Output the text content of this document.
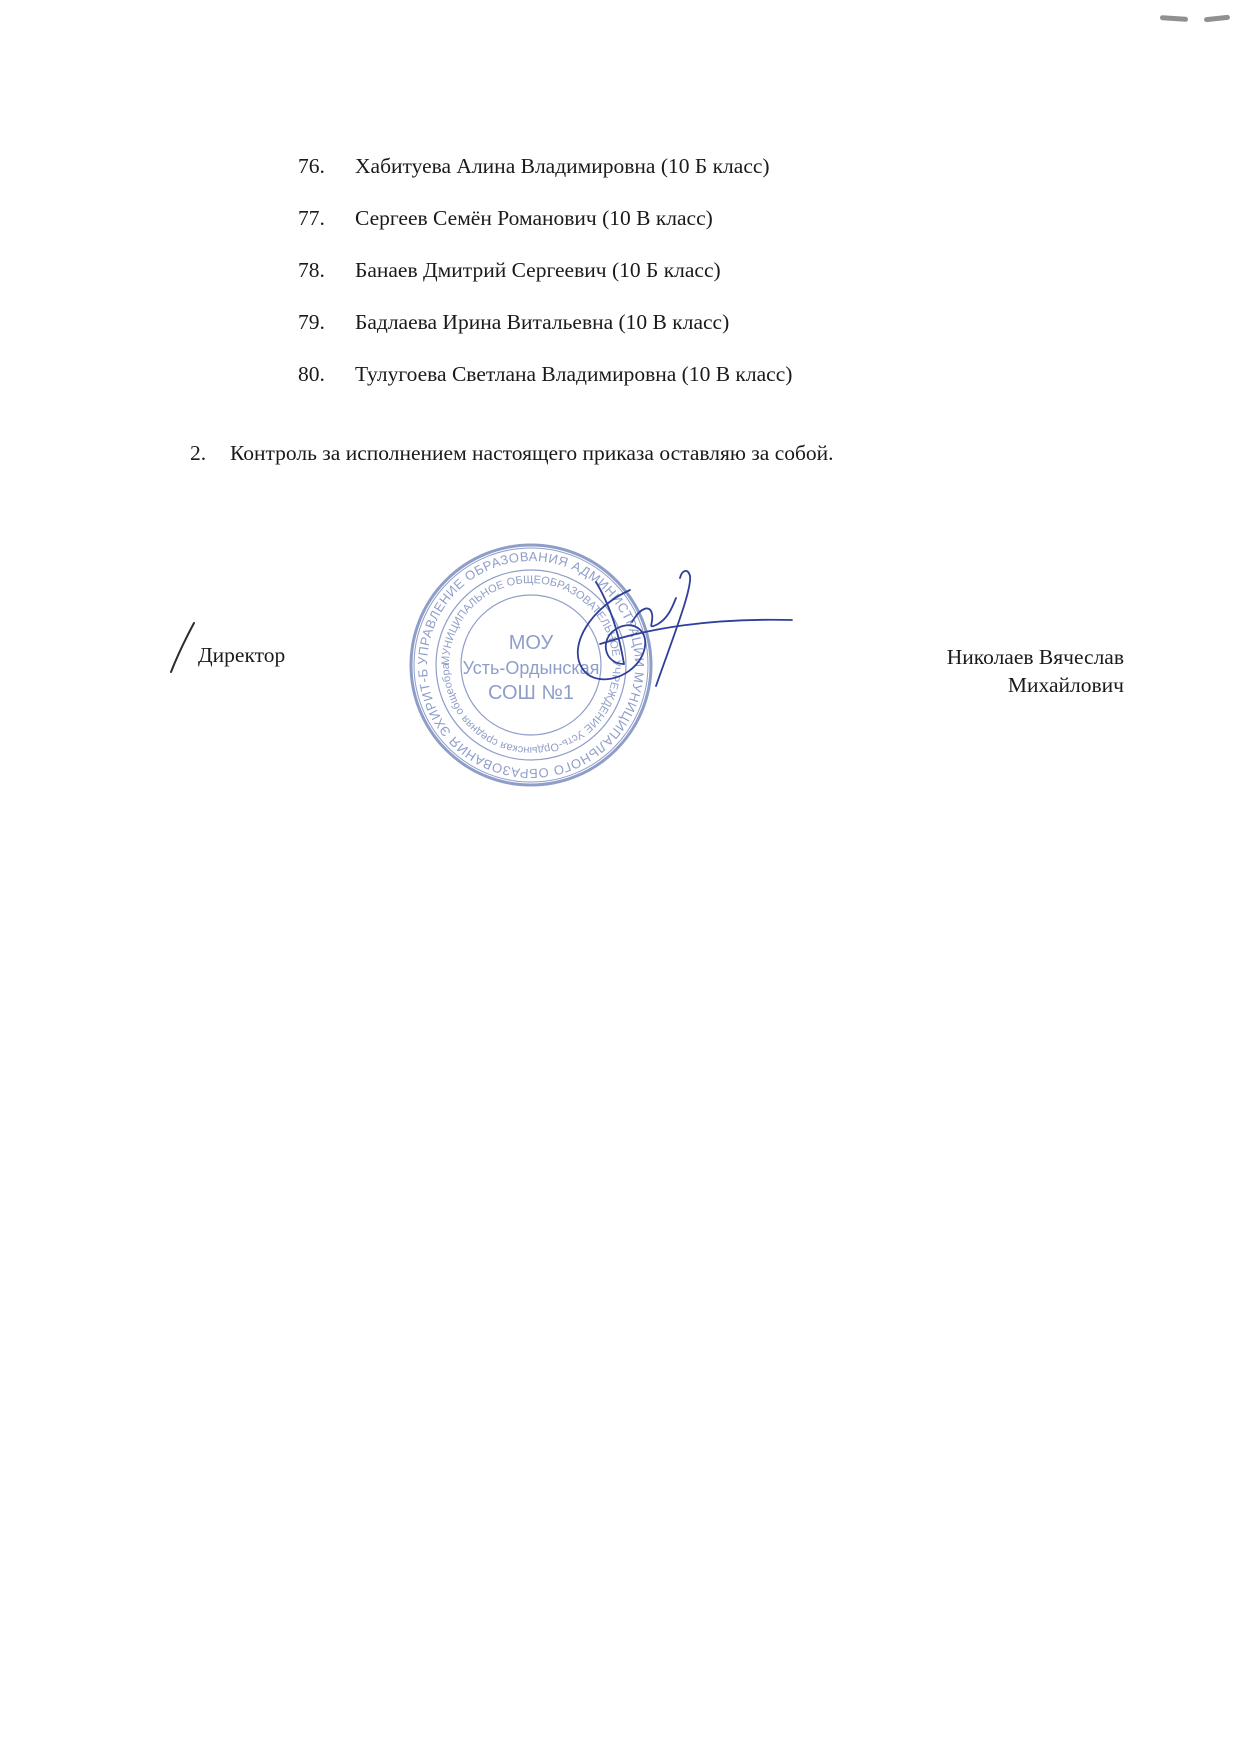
76.	Хабитуева Алина Владимировна (10 Б класс)
77.	Сергеев Семён Романович (10 В класс)
78.	Банаев Дмитрий Сергеевич (10 Б класс)
79.	Бадлаева Ирина Витальевна (10 В класс)
80.	Тулугоева Светлана Владимировна (10 В класс)
2. Контроль за исполнением настоящего приказа оставляю за собой.
Директор	УПРАВЛЕНИЕ ОБРАЗОВАНИЯ АДМИНИСТРАЦИИ МУНИЦИПАЛЬНОГО ОБРАЗОВАНИЯ ЭХИРИТ-Б
МУНИЦИПАЛЬНОЕ ОБЩЕОБРАЗОВАТЕЛЬНОЕ УЧРЕЖДЕНИЕ Усть-Ордынская средняя общеобра
МОУ
Усть-Ордынская
СОШ №1
Николаев Вячеслав
Михайлович
